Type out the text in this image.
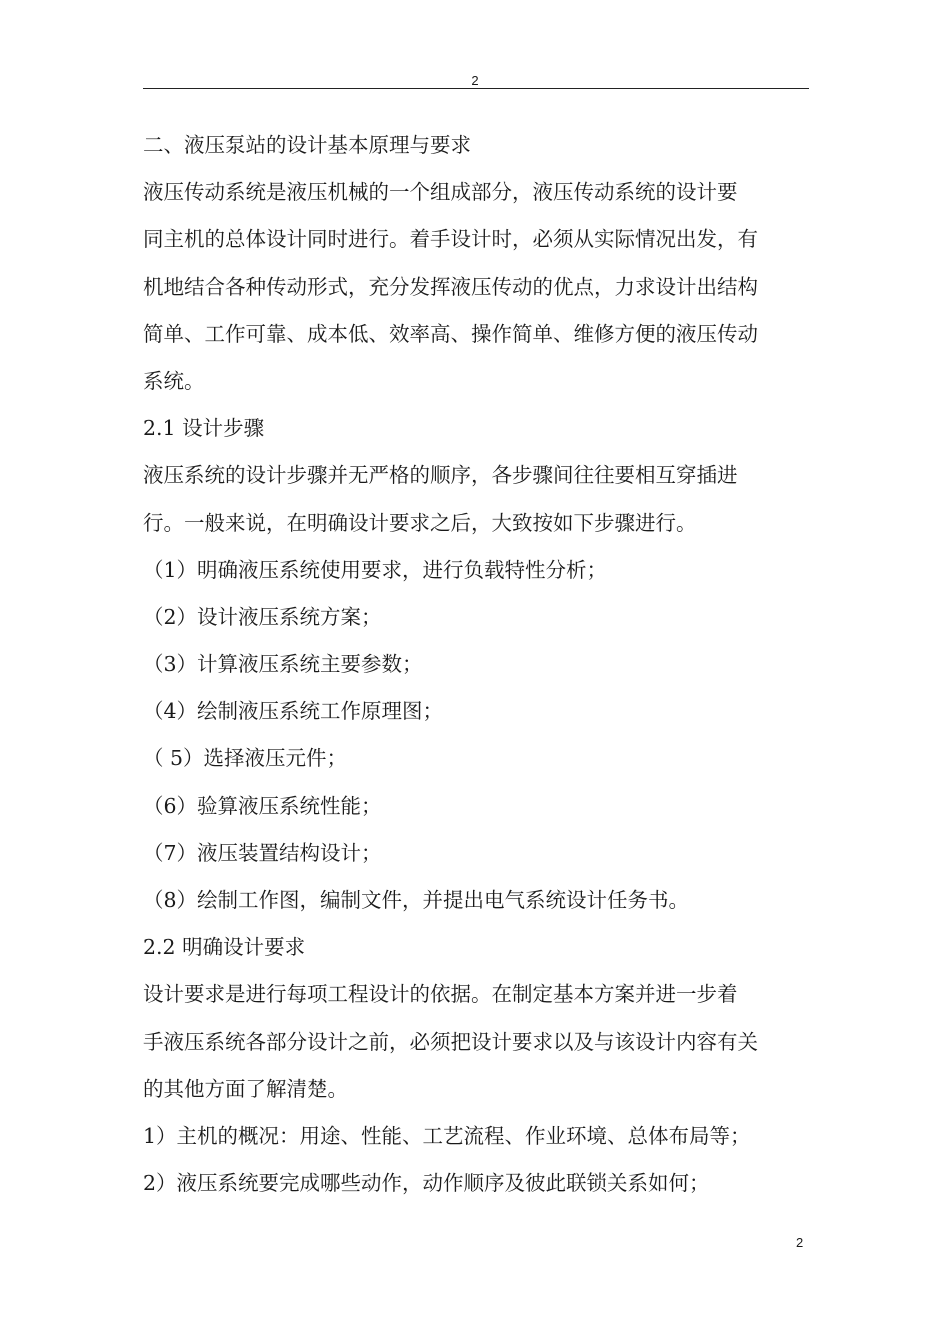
2
二、液压泵站的设计基本原理与要求
液压传动系统是液压机械的一个组成部分，液压传动系统的设计要
同主机的总体设计同时进行。着手设计时，必须从实际情况出发，有
机地结合各种传动形式，充分发挥液压传动的优点，力求设计出结构
简单、工作可靠、成本低、效率高、操作简单、维修方便的液压传动
系统。
2.1 设计步骤
液压系统的设计步骤并无严格的顺序，各步骤间往往要相互穿插进
行。一般来说，在明确设计要求之后，大致按如下步骤进行。
（1）明确液压系统使用要求，进行负载特性分析；
（2）设计液压系统方案；
（3）计算液压系统主要参数；
（4）绘制液压系统工作原理图；
（ 5）选择液压元件；
（6）验算液压系统性能；
（7）液压装置结构设计；
（8）绘制工作图，编制文件，并提出电气系统设计任务书。
2.2 明确设计要求
设计要求是进行每项工程设计的依据。在制定基本方案并进一步着
手液压系统各部分设计之前，必须把设计要求以及与该设计内容有关
的其他方面了解清楚。
1）主机的概况：用途、性能、工艺流程、作业环境、总体布局等；
2）液压系统要完成哪些动作，动作顺序及彼此联锁关系如何；
2
